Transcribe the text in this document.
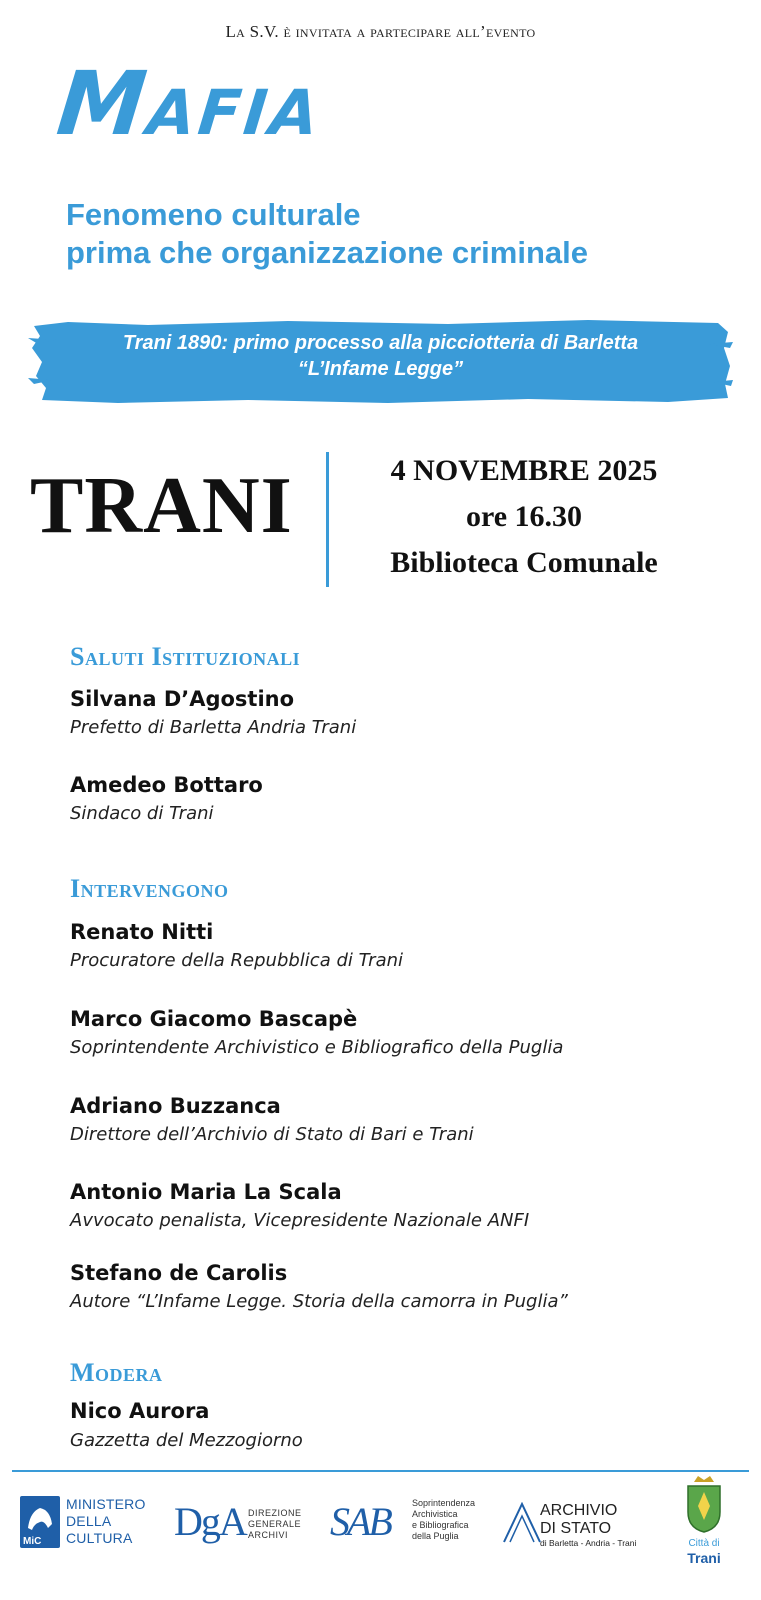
La S.V. è invitata a partecipare all’evento
Mafia
Fenomeno culturale
prima che organizzazione criminale
Trani 1890: primo processo alla picciotteria di Barletta
“L’Infame Legge”
TRANI	4 NOVEMBRE 2025
ore 16.30
Biblioteca Comunale
Saluti Istituzionali
Silvana D’Agostino
Prefetto di Barletta Andria Trani
Amedeo Bottaro
Sindaco di Trani
Intervengono
Renato Nitti
Procuratore della Repubblica di Trani
Marco Giacomo Bascapè
Soprintendente Archivistico e Bibliografico della Puglia
Adriano Buzzanca
Direttore dell’Archivio di Stato di Bari e Trani
Antonio Maria La Scala
Avvocato penalista, Vicepresidente Nazionale ANFI
Stefano de Carolis
Autore “L’Infame Legge. Storia della camorra in Puglia”
Modera
Nico Aurora
Gazzetta del Mezzogiorno
MiC
MINISTERO
DELLA
CULTURA	DgA DIREZIONE
GENERALE
ARCHIVI	SAB Soprintendenza
Archivistica
e Bibliografica
della Puglia
ARCHIVIO
DI STATO
di Barletta - Andria - Trani	Città di
Trani
